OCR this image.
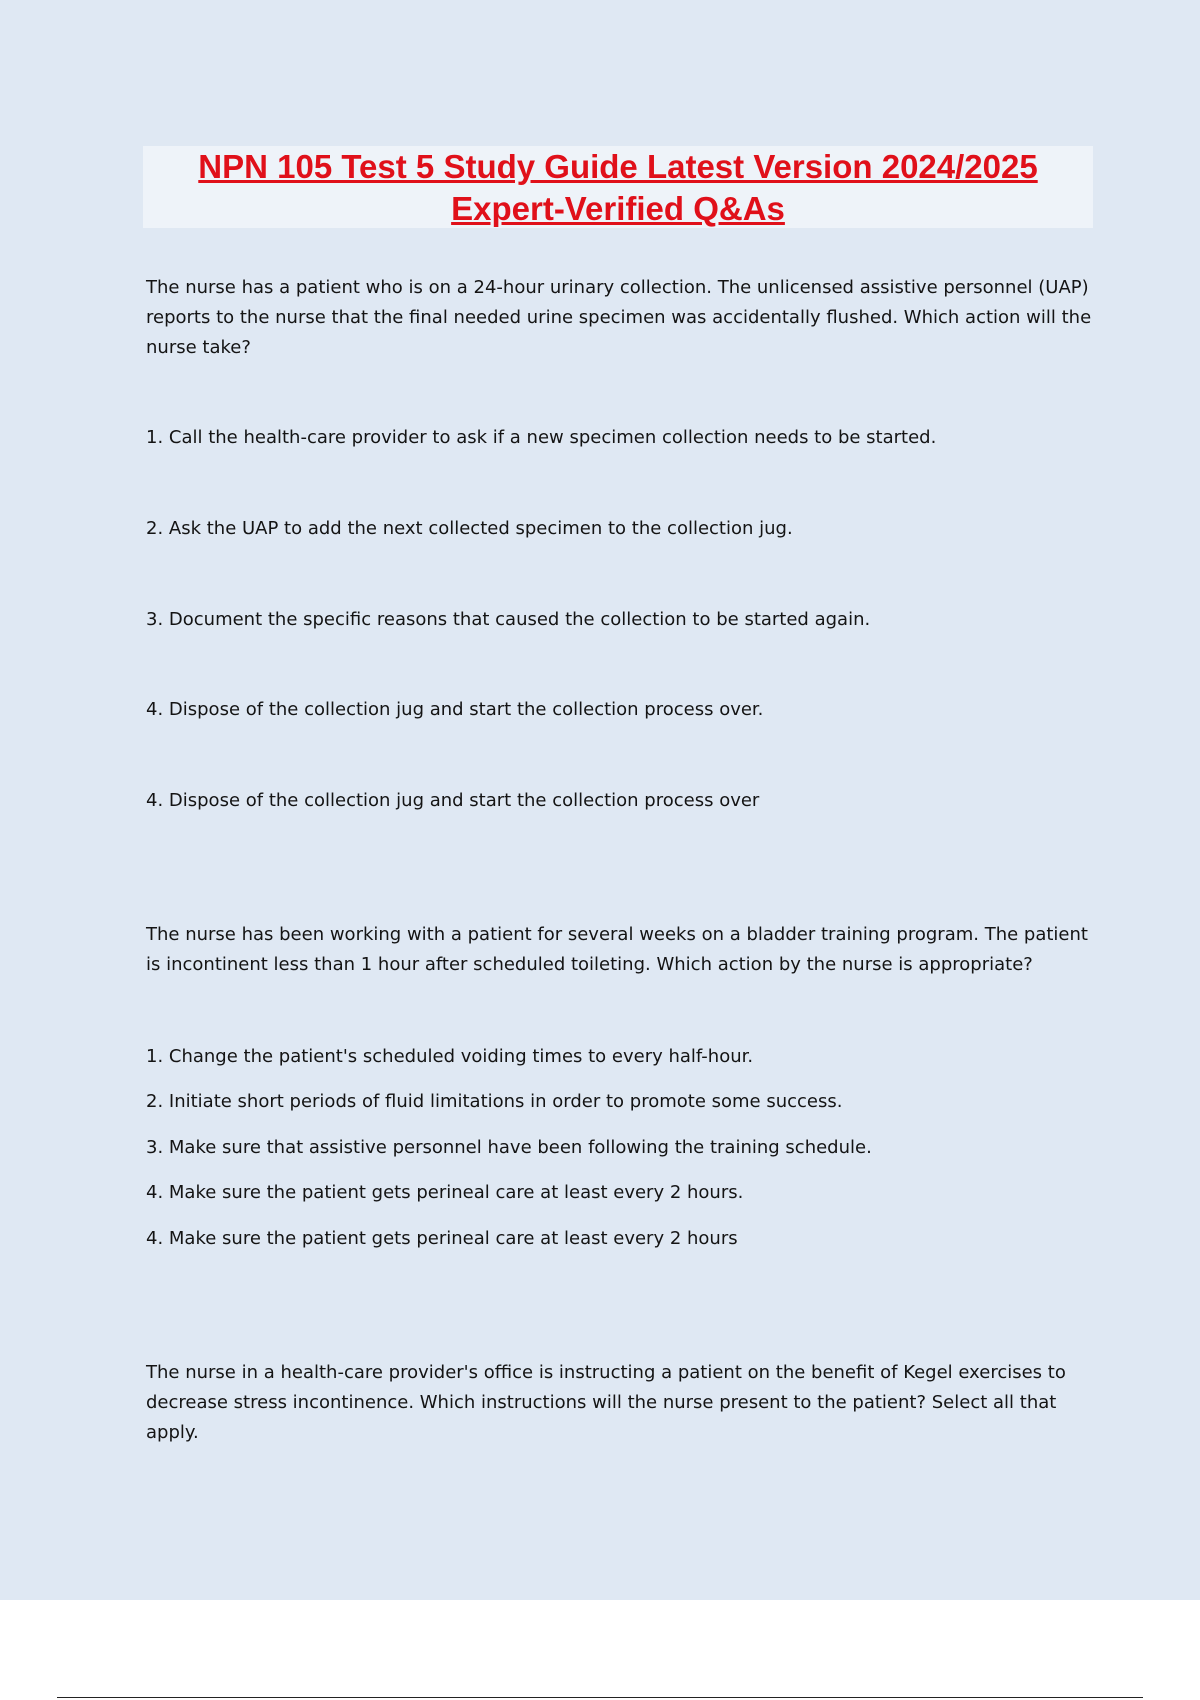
NPN 105 Test 5 Study Guide Latest Version 2024/2025

Expert-Verified Q&As

The nurse has a patient who is on a 24-hour urinary collection. The unlicensed assistive personnel (UAP) reports to the nurse that the final needed urine specimen was accidentally flushed. Which action will the nurse take?

1. Call the health-care provider to ask if a new specimen collection needs to be started.
2. Ask the UAP to add the next collected specimen to the collection jug.
3. Document the specific reasons that caused the collection to be started again.
4. Dispose of the collection jug and start the collection process over.
4. Dispose of the collection jug and start the collection process over

The nurse has been working with a patient for several weeks on a bladder training program. The patient is incontinent less than 1 hour after scheduled toileting. Which action by the nurse is appropriate?

1. Change the patient's scheduled voiding times to every half-hour.
2. Initiate short periods of fluid limitations in order to promote some success.
3. Make sure that assistive personnel have been following the training schedule.
4. Make sure the patient gets perineal care at least every 2 hours.
4. Make sure the patient gets perineal care at least every 2 hours

The nurse in a health-care provider's office is instructing a patient on the benefit of Kegel exercises to decrease stress incontinence. Which instructions will the nurse present to the patient? Select all that apply.
